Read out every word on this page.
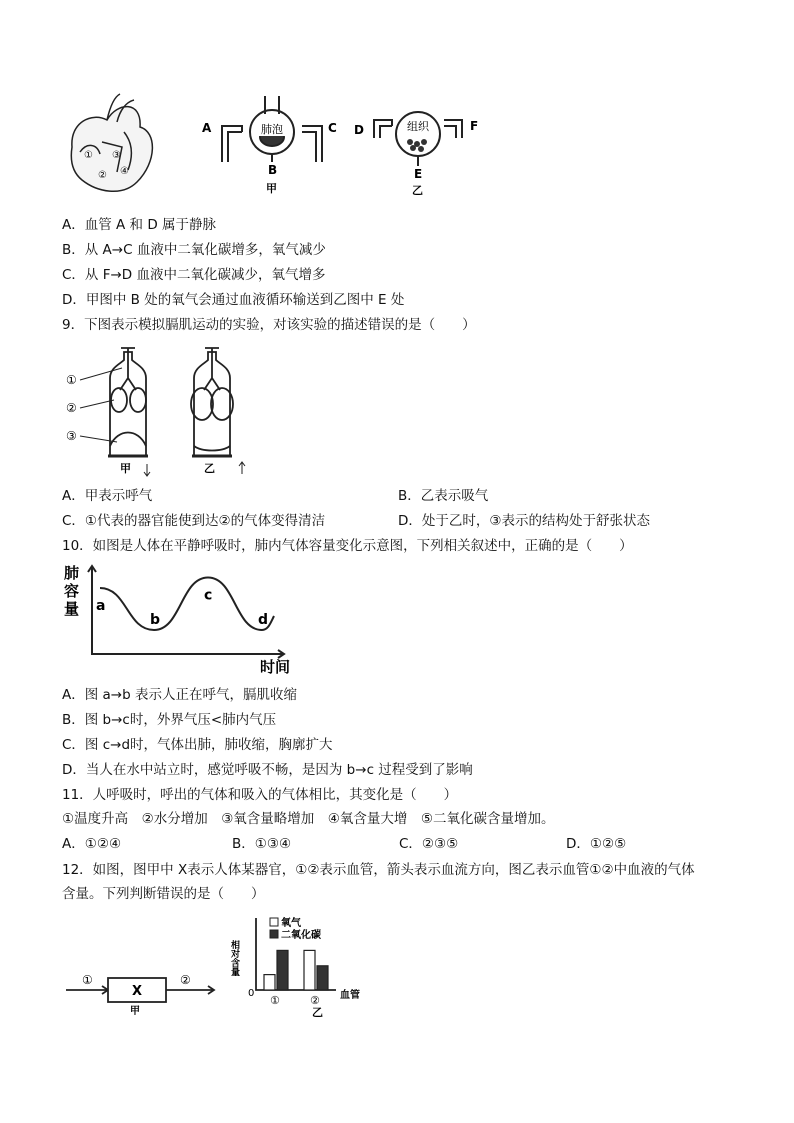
①
②
③
④
肺泡
A	C
B
甲
组织
D	F
E
乙
A．血管 A 和 D 属于静脉
B．从 A→C 血液中二氧化碳增多，氧气减少
C．从 F→D 血液中二氧化碳减少，氧气增多
D．甲图中 B 处的氧气会通过血液循环输送到乙图中 E 处
9．下图表示模拟膈肌运动的实验，对该实验的描述错误的是（　　）
①
②
③
甲	乙
A．甲表示呼气	B．乙表示吸气
C．①代表的器官能使到达②的气体变得清洁	D．处于乙时，③表示的结构处于舒张状态
10．如图是人体在平静呼吸时，肺内气体容量变化示意图，下列相关叙述中，正确的是（　　）
a
b
c
d
肺
容
量
时间
A．图 a→b 表示人正在呼气，膈肌收缩
B．图 b→c时，外界气压<肺内气压
C．图 c→d时，气体出肺，肺收缩，胸廓扩大
D．当人在水中站立时，感觉呼吸不畅，是因为 b→c 过程受到了影响
11．人呼吸时，呼出的气体和吸入的气体相比，其变化是（　　）
①温度升高　②水分增加　③氧含量略增加　④氧含量大增　⑤二氧化碳含量增加。
A．①②④	B．①③④	C．②③⑤	D．①②⑤
12．如图，图甲中 X表示人体某器官，①②表示血管，箭头表示血流方向，图乙表示血管①②中血液的气体
含量。下列判断错误的是（　　）
①	②
X
甲
①	②
氧气
二氧化碳
相对含量
0	血管
乙
